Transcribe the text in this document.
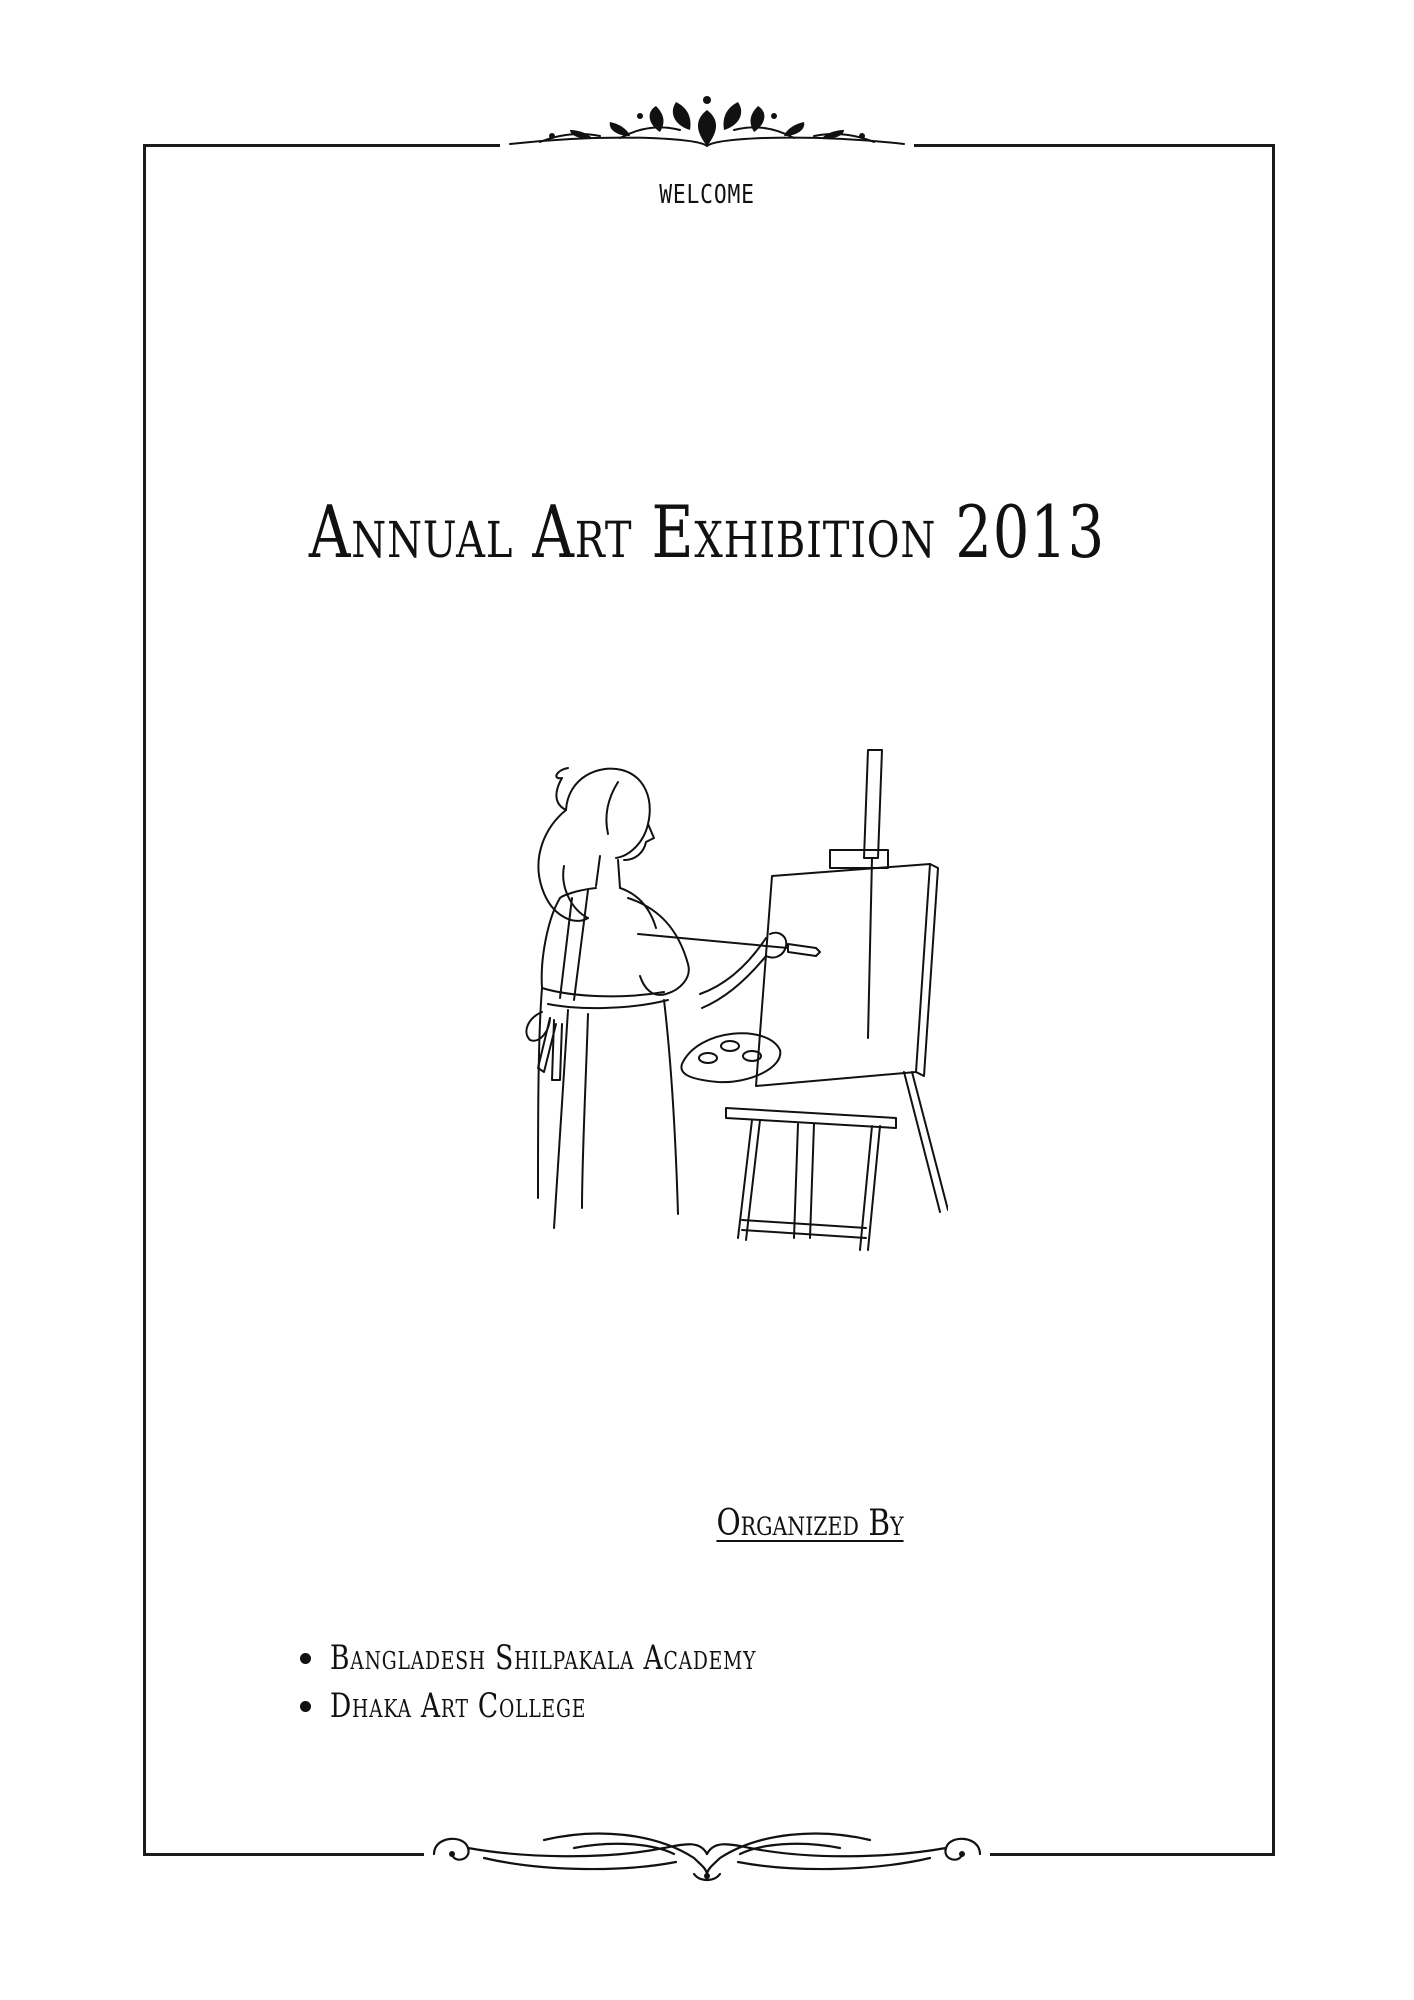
WELCOME
Annual Art Exhibition 2013
Organized By
Bangladesh Shilpakala Academy
Dhaka Art College
